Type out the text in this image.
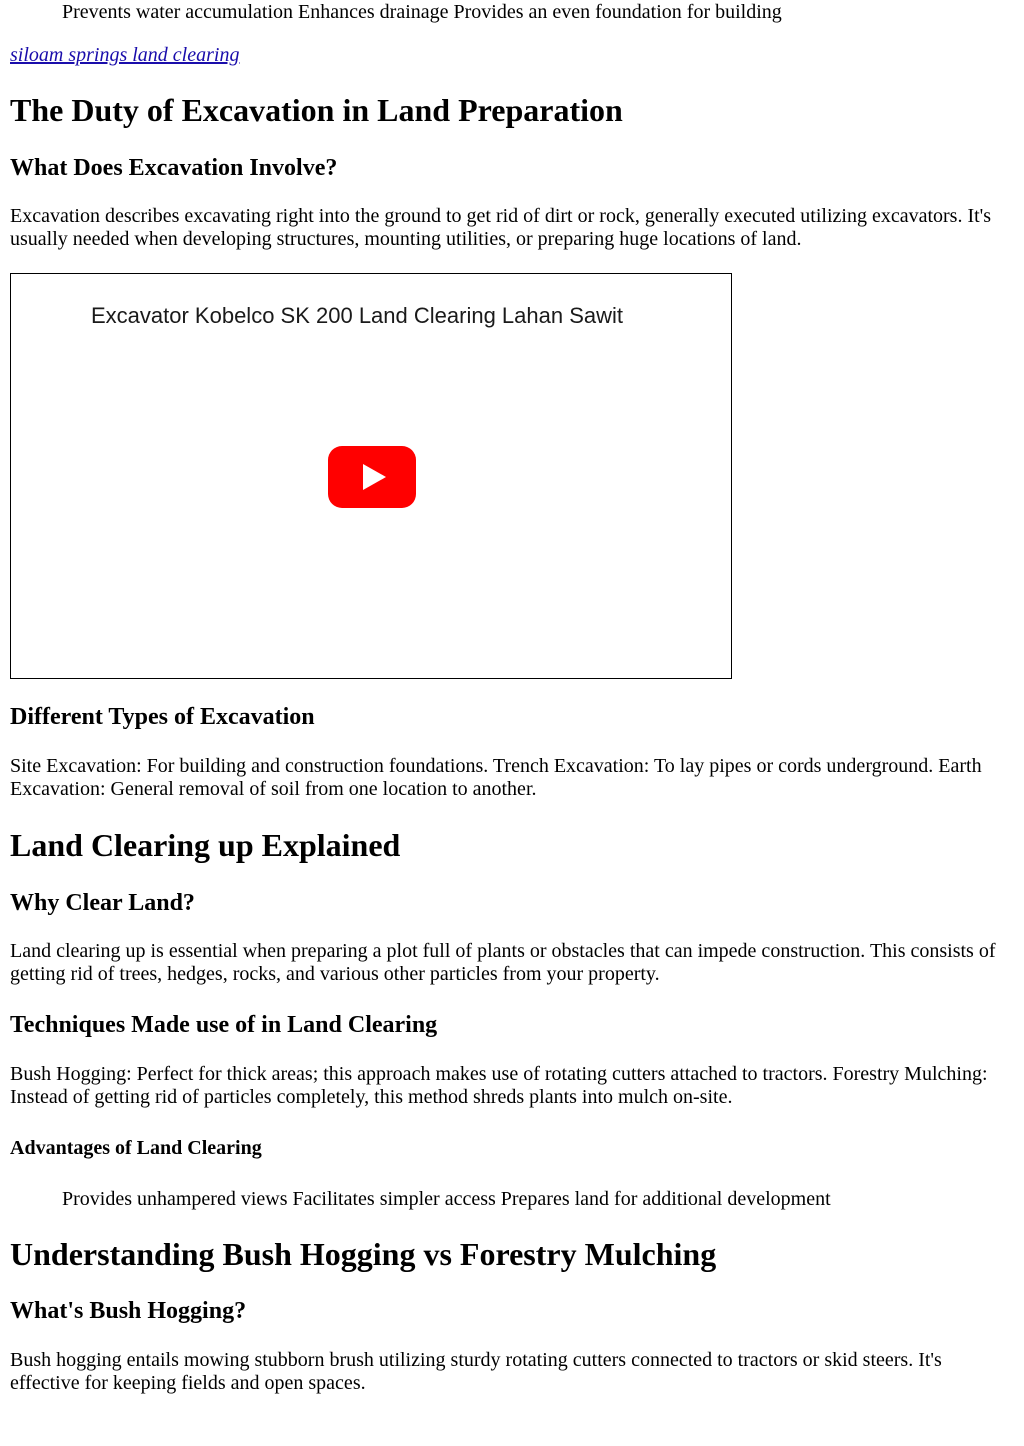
Prevents water accumulation Enhances drainage Provides an even foundation for building

siloam springs land clearing
The Duty of Excavation in Land Preparation
What Does Excavation Involve?

Excavation describes excavating right into the ground to get rid of dirt or rock, generally executed utilizing excavators. It's usually needed when developing structures, mounting utilities, or preparing huge locations of land.

Excavator Kobelco SK 200 Land Clearing Lahan Sawit
Different Types of Excavation

Site Excavation: For building and construction foundations. Trench Excavation: To lay pipes or cords underground. Earth Excavation: General removal of soil from one location to another.

Land Clearing up Explained
Why Clear Land?

Land clearing up is essential when preparing a plot full of plants or obstacles that can impede construction. This consists of getting rid of trees, hedges, rocks, and various other particles from your property.

Techniques Made use of in Land Clearing

Bush Hogging: Perfect for thick areas; this approach makes use of rotating cutters attached to tractors. Forestry Mulching: Instead of getting rid of particles completely, this method shreds plants into mulch on-site.

Advantages of Land Clearing

Provides unhampered views Facilitates simpler access Prepares land for additional development

Understanding Bush Hogging vs Forestry Mulching
What's Bush Hogging?

Bush hogging entails mowing stubborn brush utilizing sturdy rotating cutters connected to tractors or skid steers. It's effective for keeping fields and open spaces.
